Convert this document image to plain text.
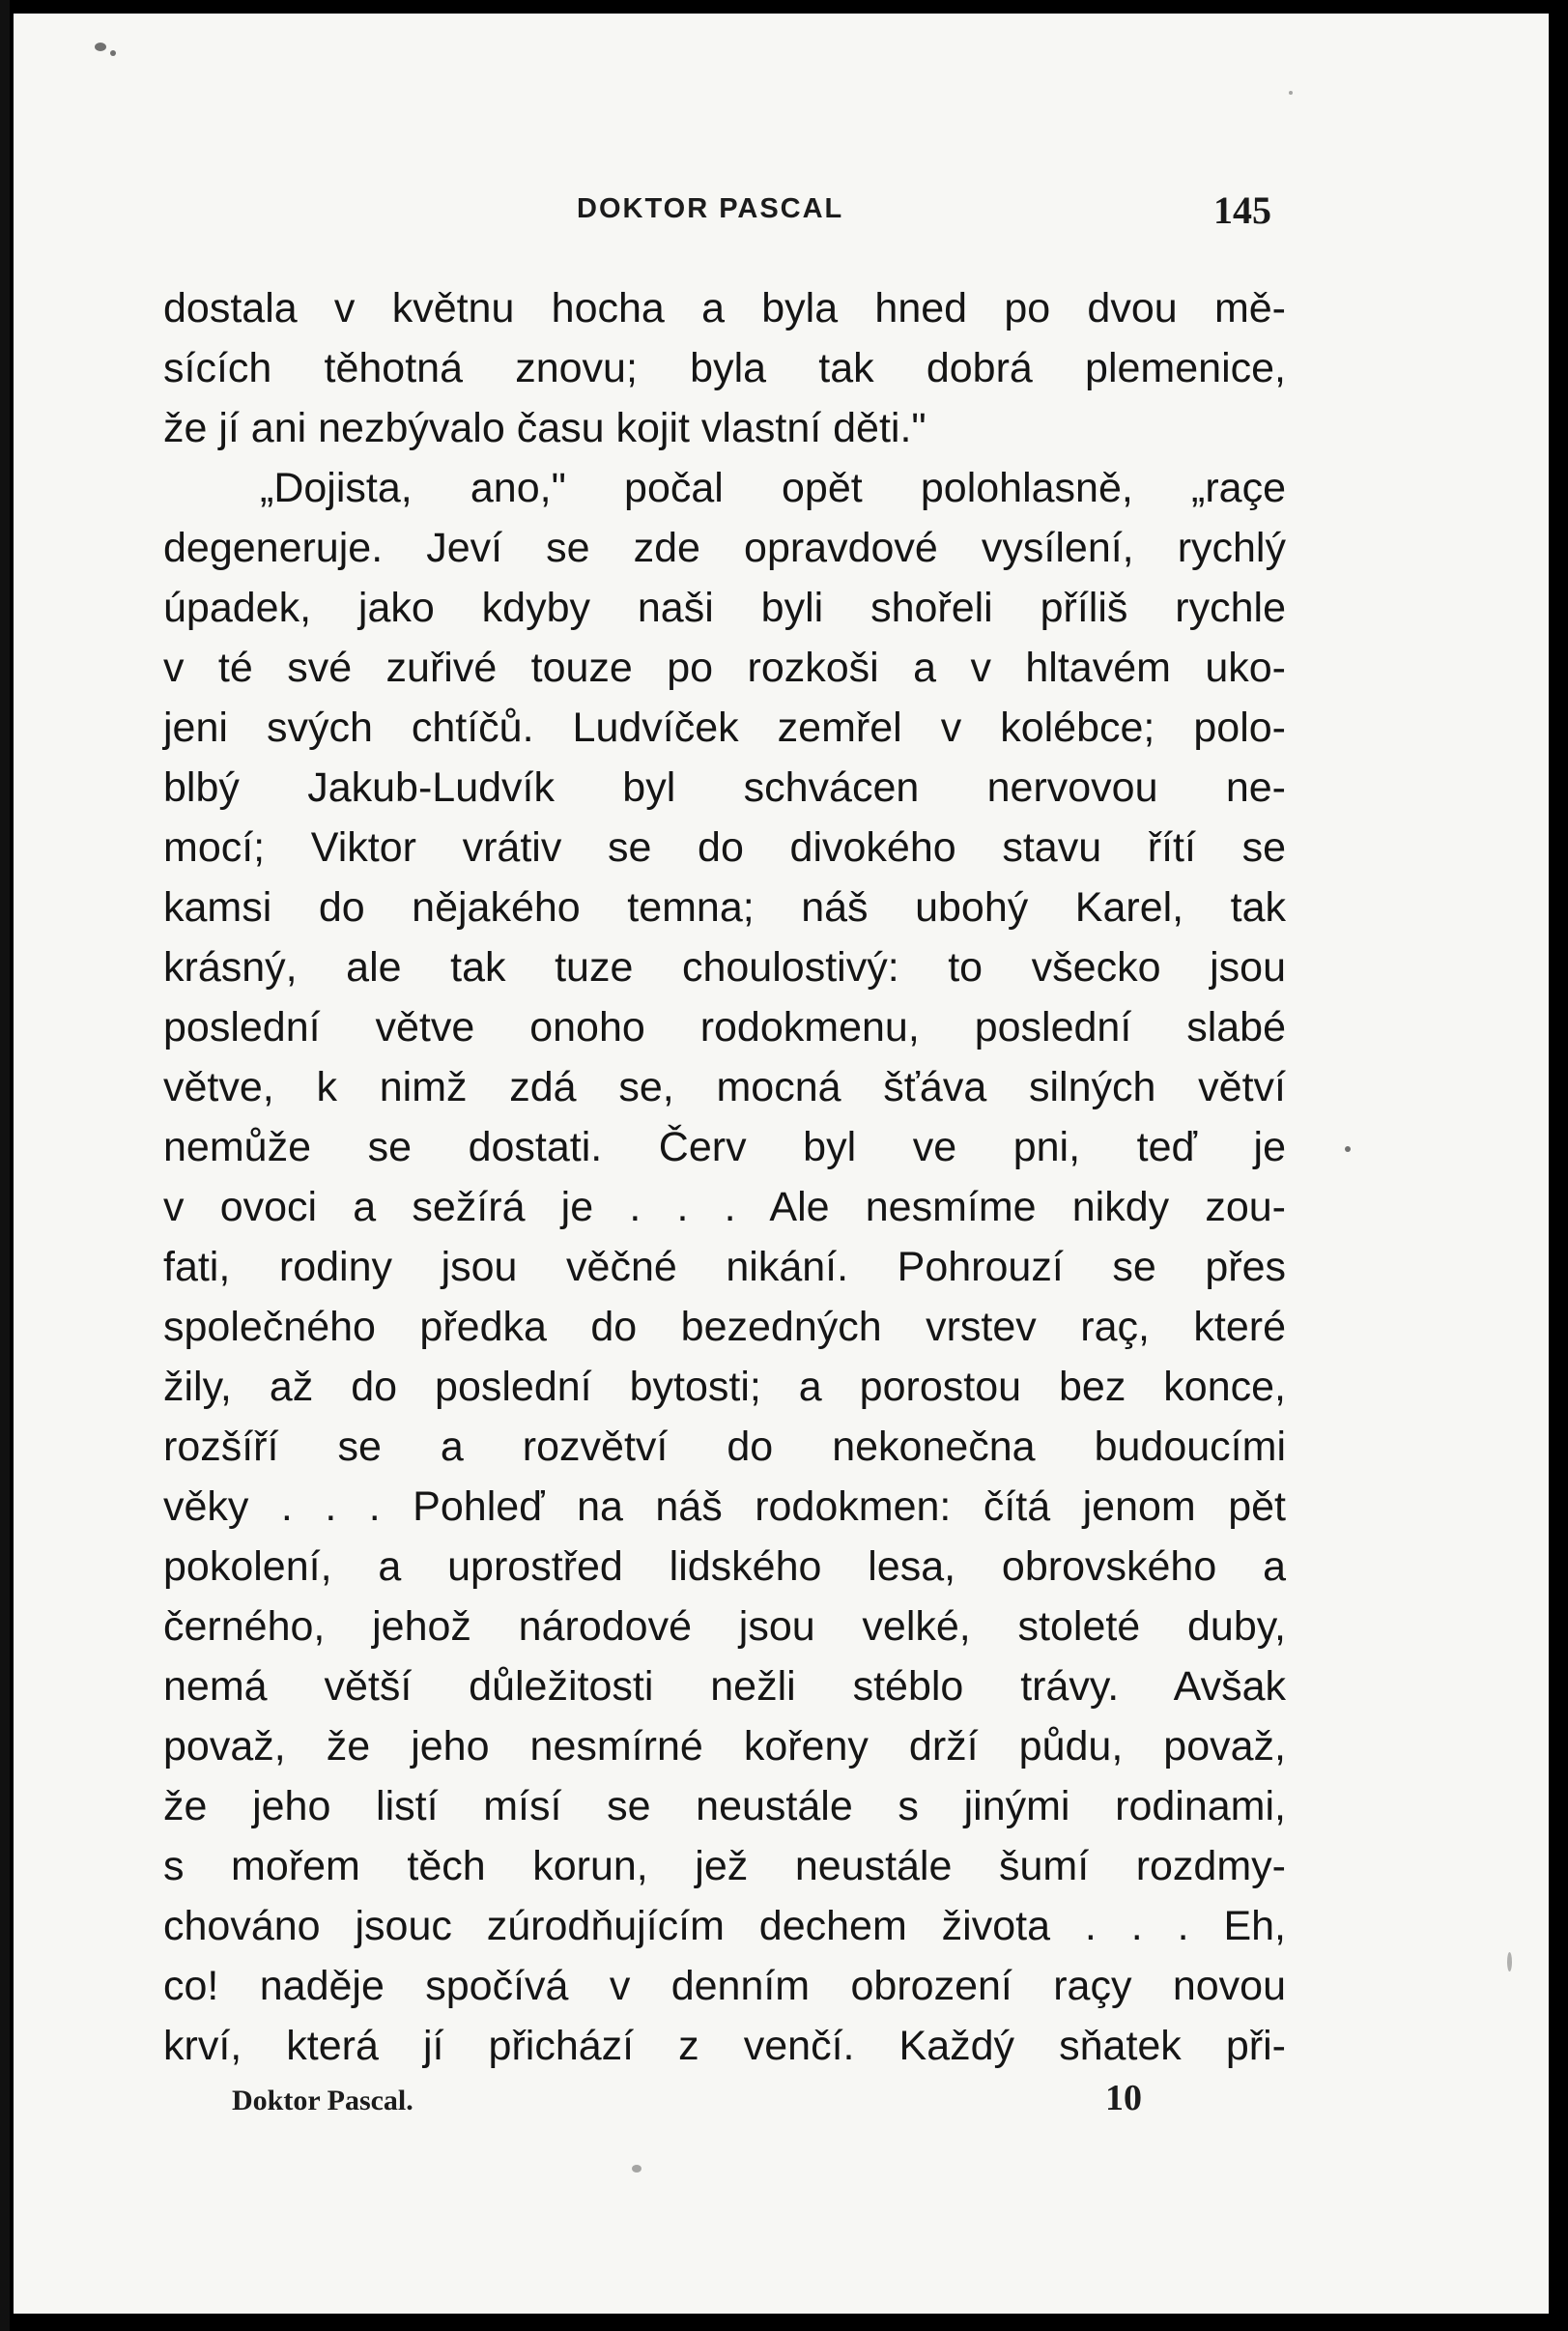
DOKTOR PASCAL	145
dostala v květnu hocha a byla hned po dvou mě-
sících těhotná znovu; byla tak dobrá plemenice,
že jí ani nezbývalo času kojit vlastní děti."
„Dojista, ano," počal opět polohlasně, „raçe
degeneruje. Jeví se zde opravdové vysílení, rychlý
úpadek, jako kdyby naši byli shořeli příliš rychle
v té své zuřivé touze po rozkoši a v hltavém uko-
jeni svých chtíčů. Ludvíček zemřel v kolébce; polo-
blbý Jakub-Ludvík byl schvácen nervovou ne-
mocí; Viktor vrátiv se do divokého stavu řítí se
kamsi do nějakého temna; náš ubohý Karel, tak
krásný, ale tak tuze choulostivý: to všecko jsou
poslední větve onoho rodokmenu, poslední slabé
větve, k nimž zdá se, mocná šťáva silných větví
nemůže se dostati. Červ byl ve pni, teď je
v ovoci a sežírá je . . . Ale nesmíme nikdy zou-
fati, rodiny jsou věčné nikání. Pohrouzí se přes
společného předka do bezedných vrstev raç, které
žily, až do poslední bytosti; a porostou bez konce,
rozšíří se a rozvětví do nekonečna budoucími
věky . . . Pohleď na náš rodokmen: čítá jenom pět
pokolení, a uprostřed lidského lesa, obrovského a
černého, jehož národové jsou velké, stoleté duby,
nemá větší důležitosti nežli stéblo trávy. Avšak
považ, že jeho nesmírné kořeny drží půdu, považ,
že jeho listí mísí se neustále s jinými rodinami,
s mořem těch korun, jež neustále šumí rozdmy-
chováno jsouc zúrodňujícím dechem života . . . Eh,
co! naděje spočívá v denním obrození raçy novou
krví, která jí přichází z venčí. Každý sňatek při-
Doktor Pascal.	10
